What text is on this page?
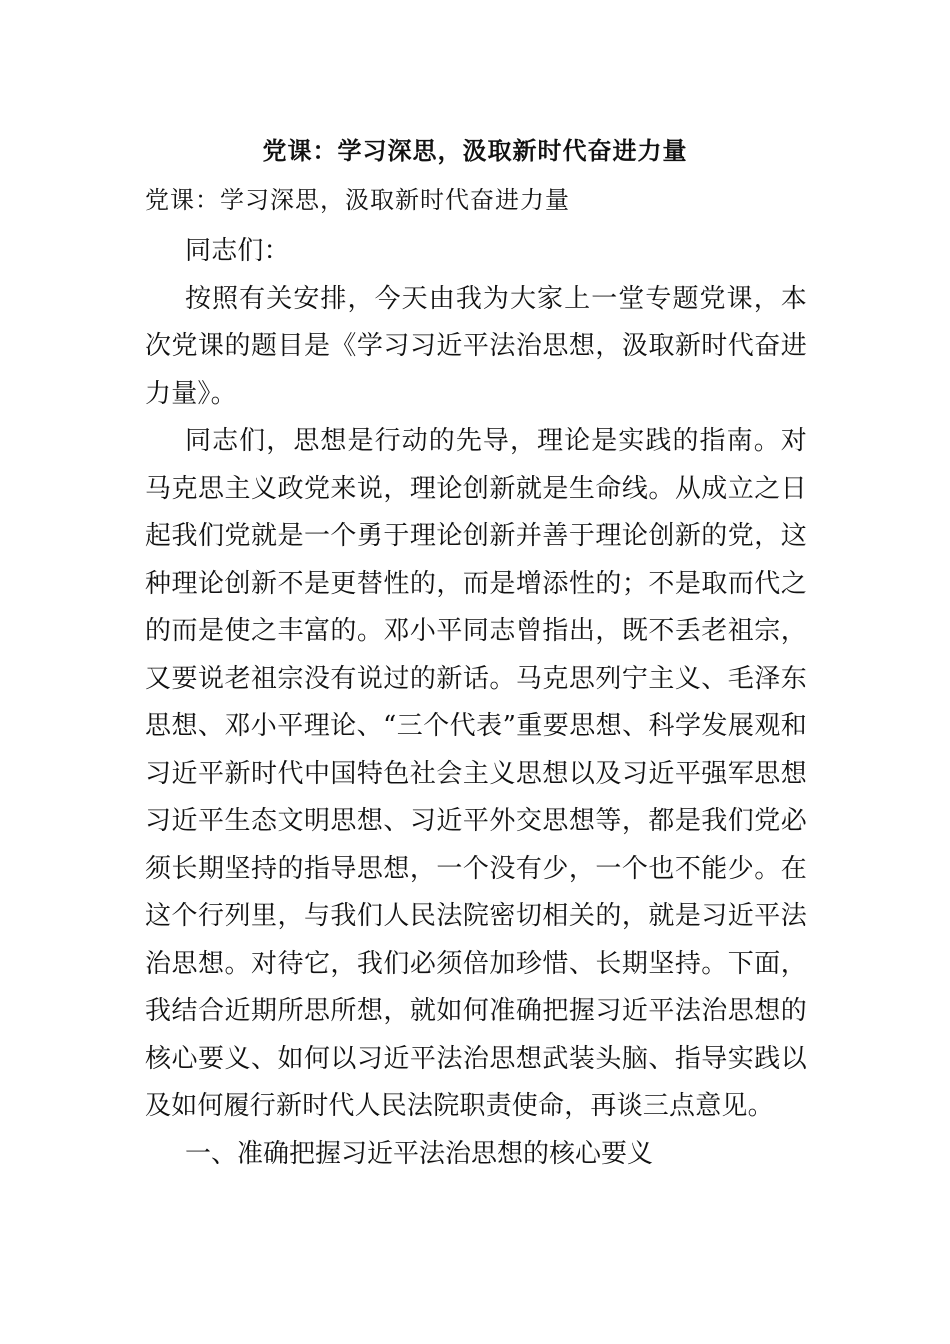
党课：学习深思，汲取新时代奋进力量

党课：学习深思，汲取新时代奋进力量

同志们：

按照有关安排，今天由我为大家上一堂专题党课，本次党课的题目是《学习习近平法治思想，汲取新时代奋进力量》。

同志们，思想是行动的先导，理论是实践的指南。对马克思主义政党来说，理论创新就是生命线。从成立之日起我们党就是一个勇于理论创新并善于理论创新的党，这种理论创新不是更替性的，而是增添性的；不是取而代之的而是使之丰富的。邓小平同志曾指出，既不丢老祖宗，又要说老祖宗没有说过的新话。马克思列宁主义、毛泽东思想、邓小平理论、“三个代表”重要思想、科学发展观和习近平新时代中国特色社会主义思想以及习近平强军思想习近平生态文明思想、习近平外交思想等，都是我们党必须长期坚持的指导思想，一个没有少，一个也不能少。在这个行列里，与我们人民法院密切相关的，就是习近平法治思想。对待它，我们必须倍加珍惜、长期坚持。下面，我结合近期所思所想，就如何准确把握习近平法治思想的核心要义、如何以习近平法治思想武装头脑、指导实践以及如何履行新时代人民法院职责使命，再谈三点意见。

一、准确把握习近平法治思想的核心要义
